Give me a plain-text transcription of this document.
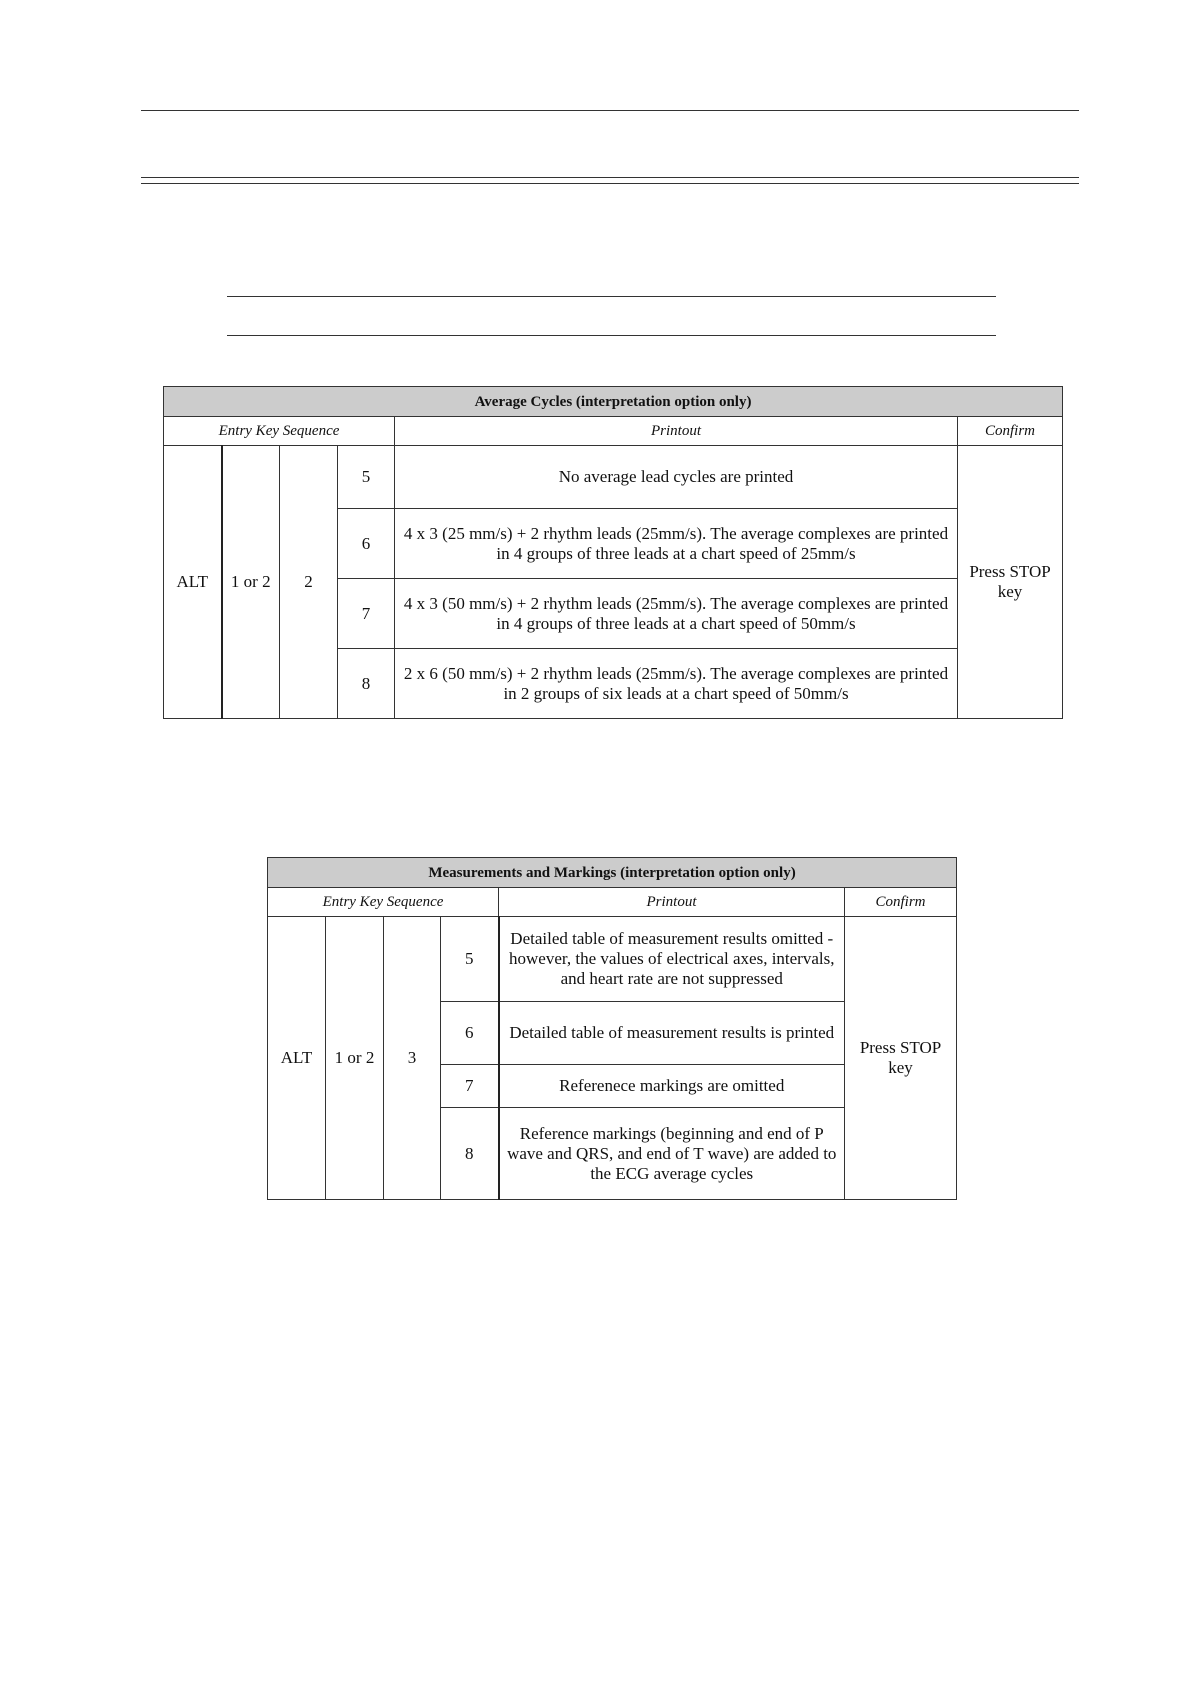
Average Cycles (interpretation option only)					
Entry Key Sequence				Printout	Confirm
ALT	1 or 2	2	5	No average lead cycles are printed	Press STOP key
			6	4 x 3 (25 mm/s) + 2 rhythm leads (25mm/s). The average complexes are printed in 4 groups of three leads at a chart speed of 25mm/s	
			7	4 x 3 (50 mm/s) + 2 rhythm leads (25mm/s). The average complexes are printed in 4 groups of three leads at a chart speed of 50mm/s	
			8	2 x 6 (50 mm/s) + 2 rhythm leads (25mm/s). The average complexes are printed in 2 groups of six leads at a chart speed of 50mm/s	
Measurements and Markings (interpretation option only)					
Entry Key Sequence				Printout	Confirm
ALT	1 or 2	3	5	Detailed table of measurement results omitted - however, the values of electrical axes, intervals, and heart rate are not suppressed	Press STOP key
			6	Detailed table of measurement results is printed	
			7	Referenece markings are omitted	
			8	Reference markings (beginning and end of P wave and QRS, and end of T wave) are added to the ECG average cycles	
